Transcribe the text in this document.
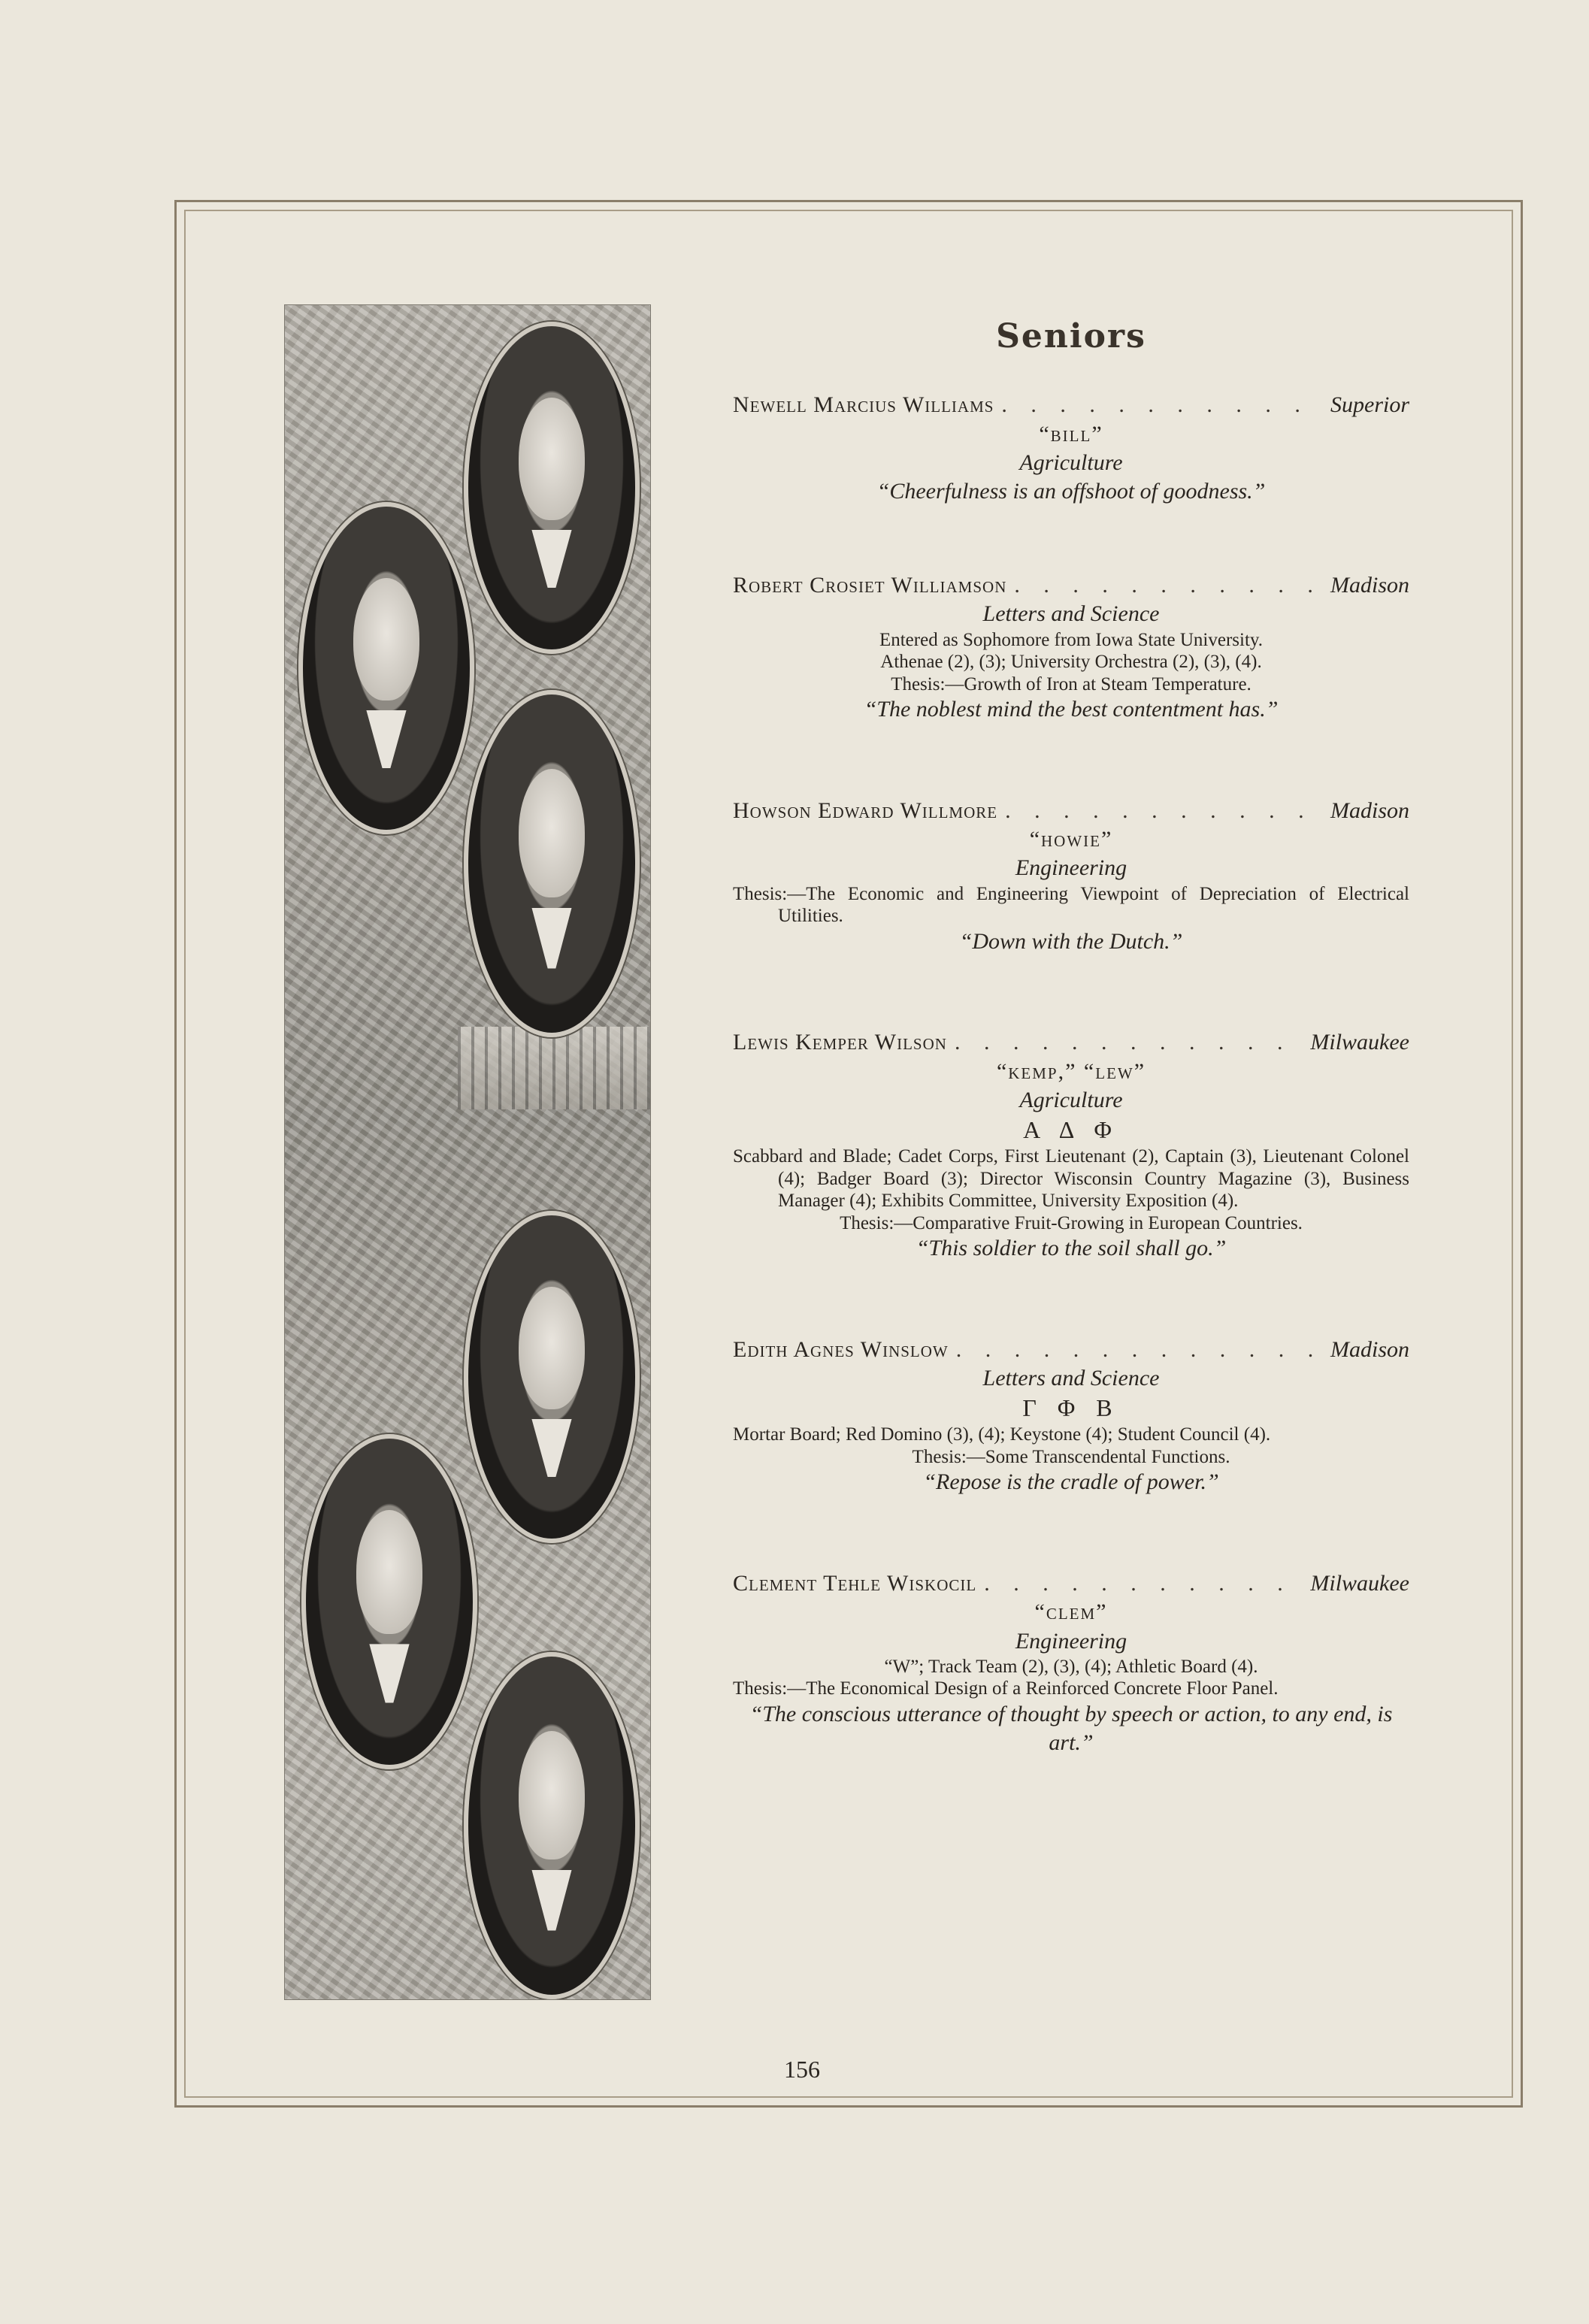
Seniors
Newell Marcius Williams . . .	Superior
“bill”
Agriculture
“Cheerfulness is an offshoot of goodness.”
Robert Crosiet Williamson . . .	Madison
Letters and Science
Entered as Sophomore from Iowa State University.
Athenae (2), (3); University Orchestra (2), (3), (4).
Thesis:—Growth of Iron at Steam Temperature.
“The noblest mind the best contentment has.”
Howson Edward Willmore . . .	Madison
“howie”
Engineering
Thesis:—The Economic and Engineering Viewpoint of Depreciation of Electrical Utilities.
“Down with the Dutch.”
Lewis Kemper Wilson . . .	Milwaukee
“kemp,” “lew”
Agriculture
Α Δ Φ
Scabbard and Blade; Cadet Corps, First Lieutenant (2), Captain (3), Lieutenant Colonel (4); Badger Board (3); Director Wisconsin Country Magazine (3), Business Manager (4); Exhibits Committee, University Exposition (4).
Thesis:—Comparative Fruit-Growing in European Countries.
“This soldier to the soil shall go.”
Edith Agnes Winslow . . .	Madison
Letters and Science
Γ Φ Β
Mortar Board; Red Domino (3), (4); Keystone (4); Student Council (4).
Thesis:—Some Transcendental Functions.
“Repose is the cradle of power.”
Clement Tehle Wiskocil . . .	Milwaukee
“clem”
Engineering
“W”; Track Team (2), (3), (4); Athletic Board (4).
Thesis:—The Economical Design of a Reinforced Concrete Floor Panel.
“The conscious utterance of thought by speech or action, to any end, is art.”
156
